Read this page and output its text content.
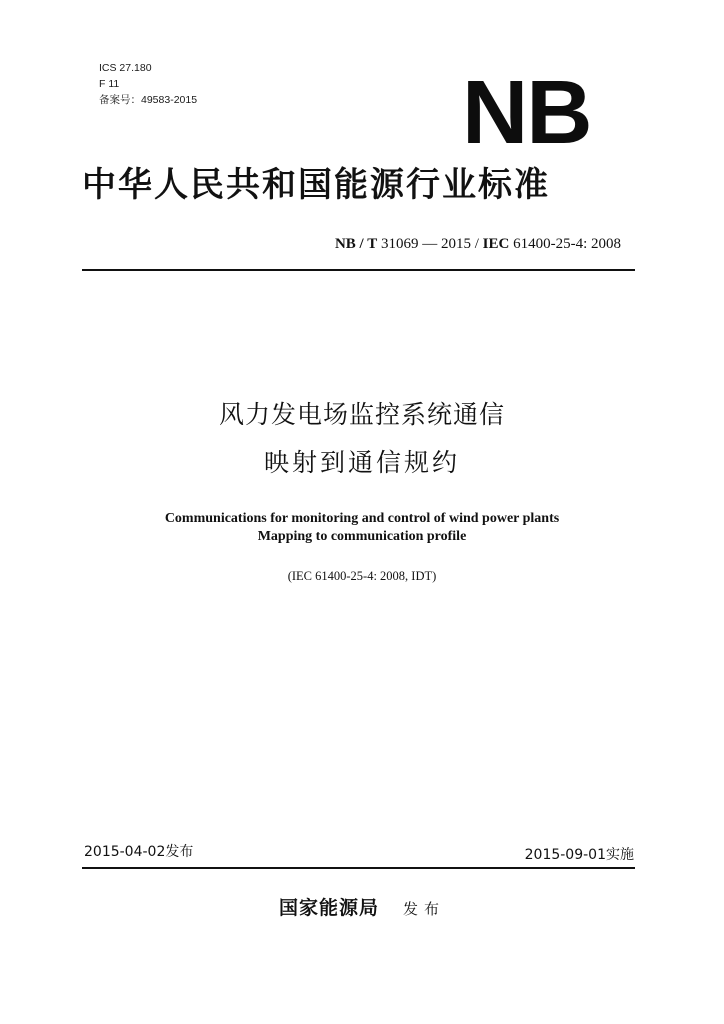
ICS 27.180
F 11
备案号：49583-2015	NB
中华人民共和国能源行业标准
NB / T 31069 — 2015 / IEC 61400-25-4: 2008
风力发电场监控系统通信
映射到通信规约
Communications for monitoring and control of wind power plants
Mapping to communication profile
(IEC 61400-25-4: 2008, IDT)
2015-04-02发布	2015-09-01实施
国家能源局 发布
